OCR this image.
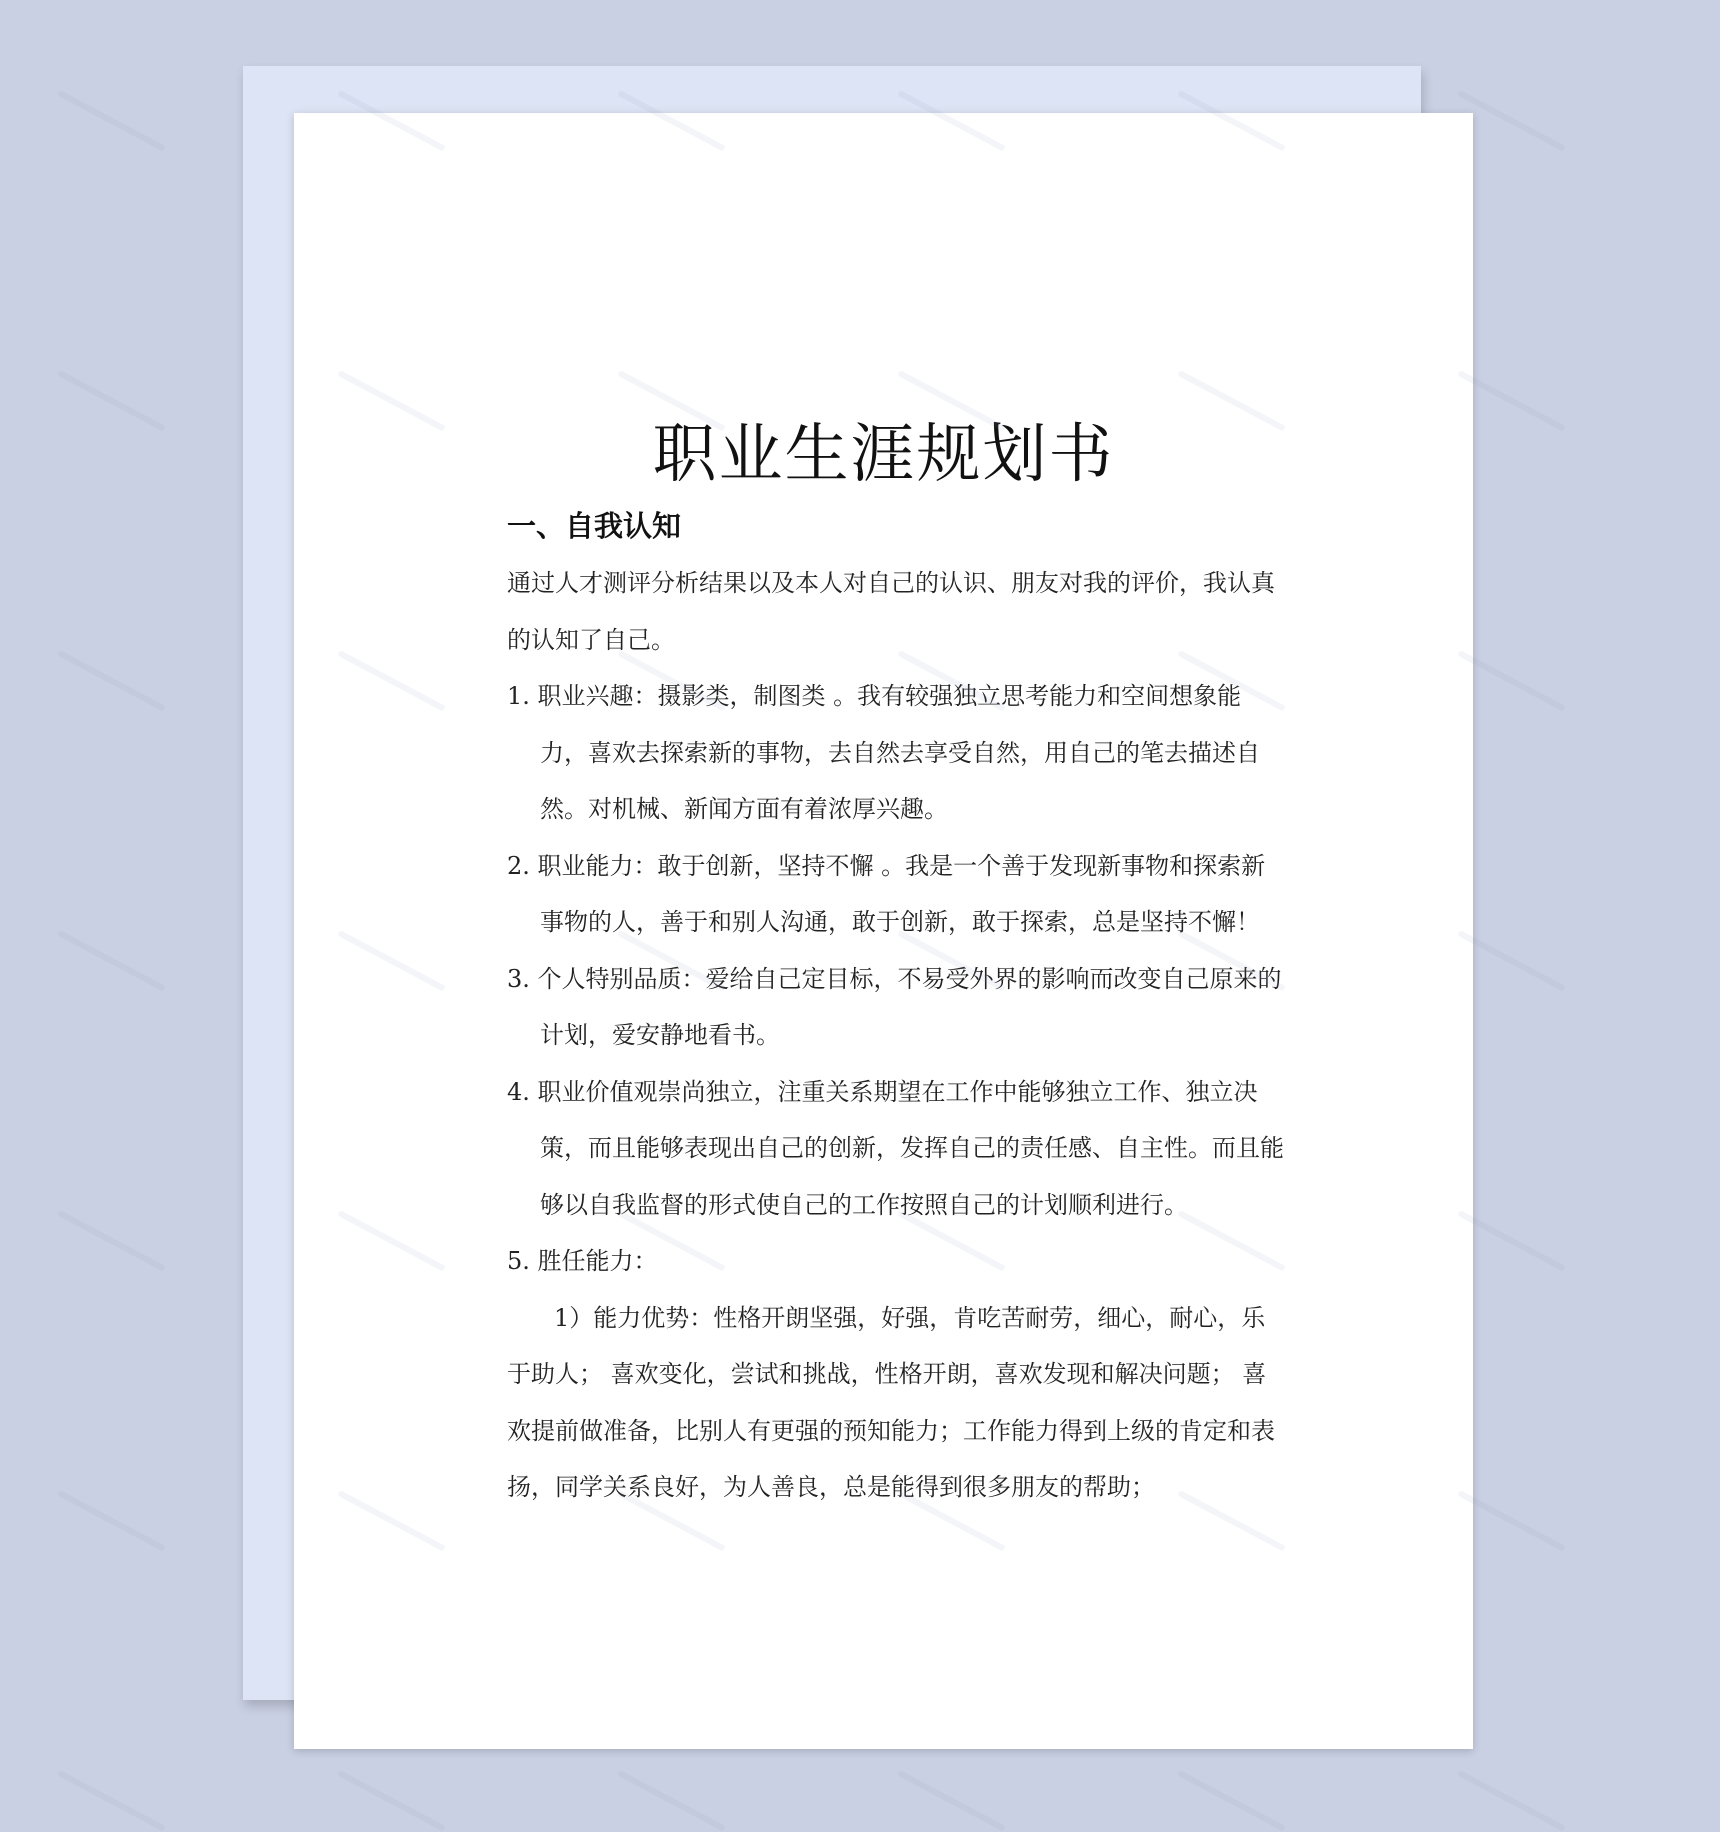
职业生涯规划书
一、自我认知

通过人才测评分析结果以及本人对自己的认识、朋友对我的评价，我认真的认知了自己。

1. 职业兴趣：摄影类，制图类 。我有较强独立思考能力和空间想象能力，喜欢去探索新的事物，去自然去享受自然，用自己的笔去描述自然。对机械、新闻方面有着浓厚兴趣。

2. 职业能力：敢于创新，坚持不懈 。我是一个善于发现新事物和探索新事物的人，善于和别人沟通，敢于创新，敢于探索，总是坚持不懈！

3. 个人特别品质：爱给自己定目标，不易受外界的影响而改变自己原来的计划，爱安静地看书。

4. 职业价值观崇尚独立，注重关系期望在工作中能够独立工作、独立决策，而且能够表现出自己的创新，发挥自己的责任感、自主性。而且能够以自我监督的形式使自己的工作按照自己的计划顺利进行。

5. 胜任能力：

1）能力优势：性格开朗坚强，好强，肯吃苦耐劳，细心，耐心，乐于助人； 喜欢变化，尝试和挑战，性格开朗，喜欢发现和解决问题； 喜欢提前做准备，比别人有更强的预知能力；工作能力得到上级的肯定和表扬，同学关系良好，为人善良，总是能得到很多朋友的帮助；
